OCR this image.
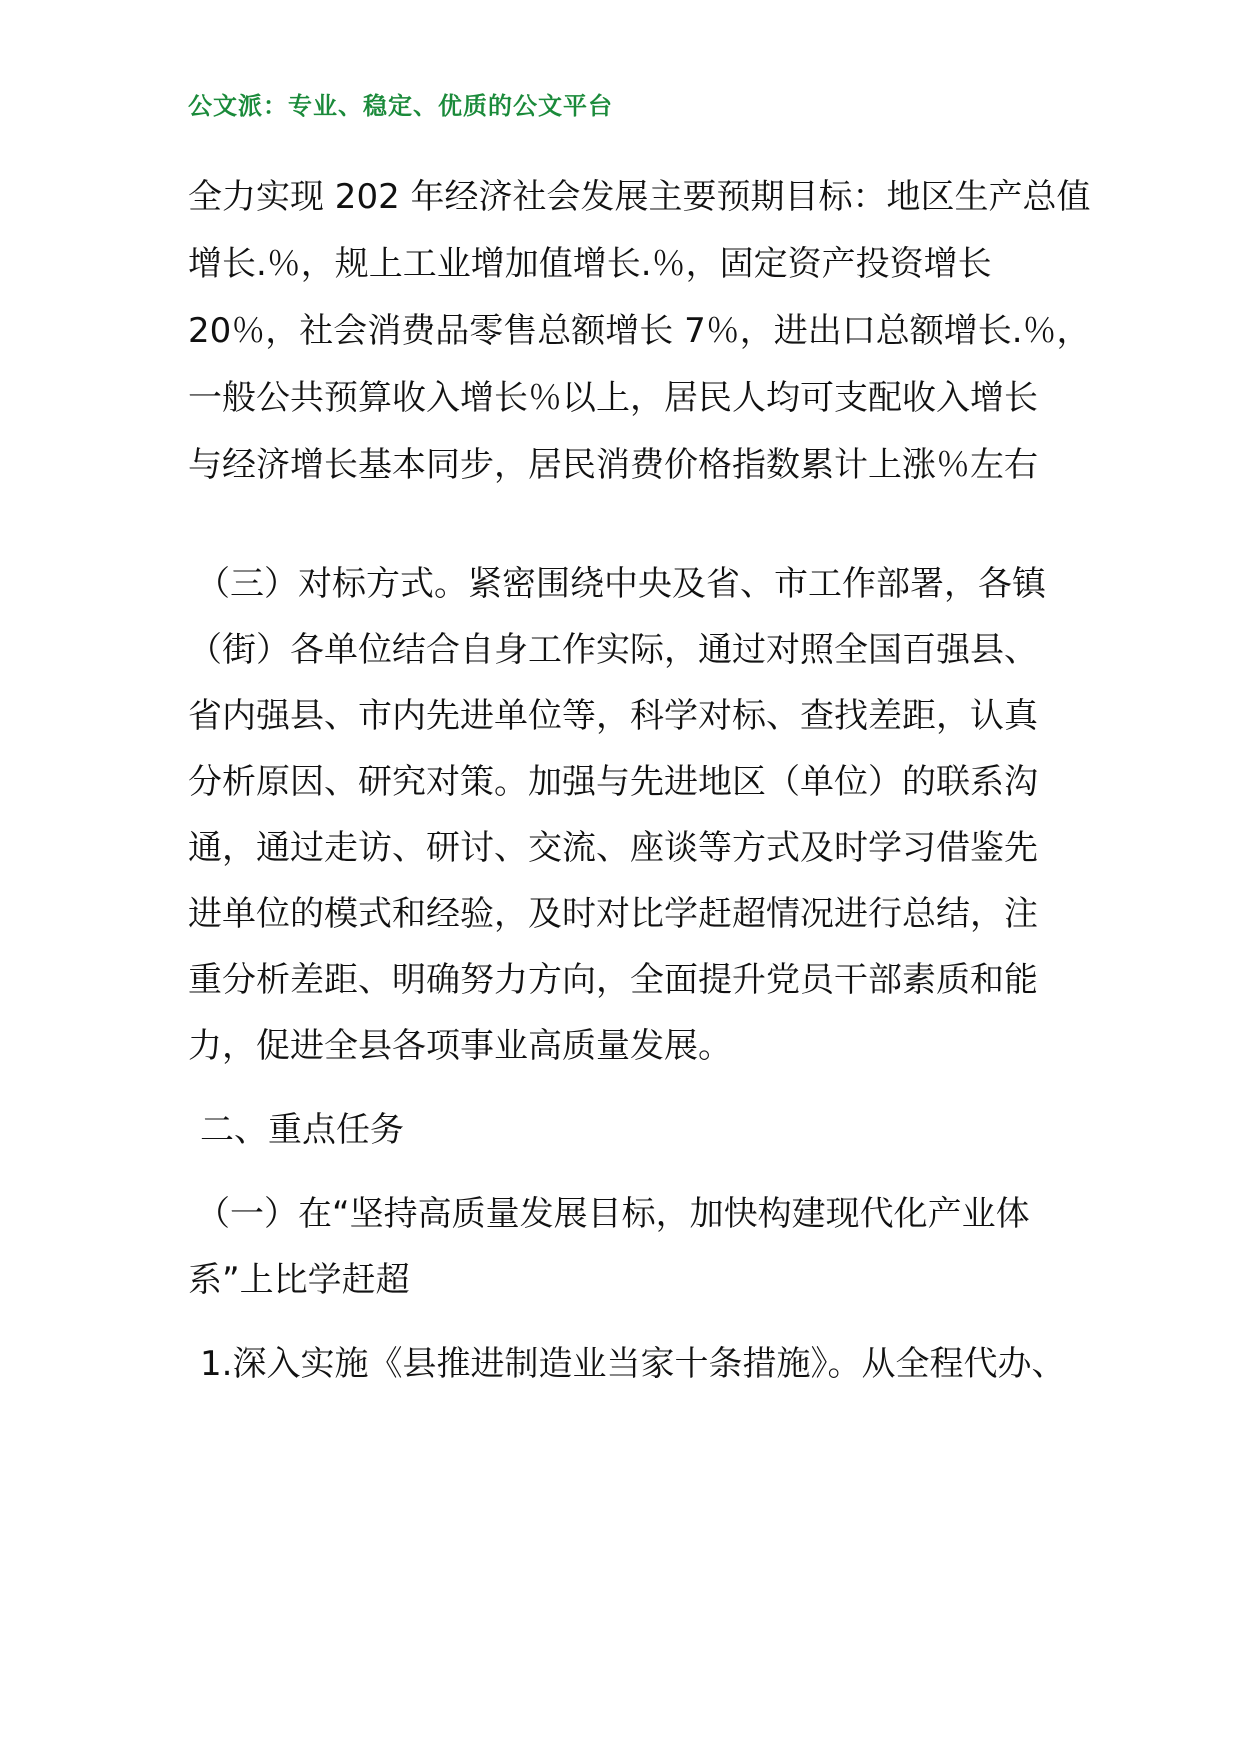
公文派：专业、稳定、优质的公文平台
全力实现 202 年经济社会发展主要预期目标：地区生产总值
增长.％，规上工业增加值增长.％，固定资产投资增长
20％，社会消费品零售总额增长 7％，进出口总额增长.％，
一般公共预算收入增长％以上，居民人均可支配收入增长
与经济增长基本同步，居民消费价格指数累计上涨％左右
（三）对标方式。紧密围绕中央及省、市工作部署，各镇
（街）各单位结合自身工作实际，通过对照全国百强县、
省内强县、市内先进单位等，科学对标、查找差距，认真
分析原因、研究对策。加强与先进地区（单位）的联系沟
通，通过走访、研讨、交流、座谈等方式及时学习借鉴先
进单位的模式和经验，及时对比学赶超情况进行总结，注
重分析差距、明确努力方向，全面提升党员干部素质和能
力，促进全县各项事业高质量发展。
二、重点任务
（一）在“坚持高质量发展目标，加快构建现代化产业体
系”上比学赶超
1.深入实施《县推进制造业当家十条措施》。从全程代办、
